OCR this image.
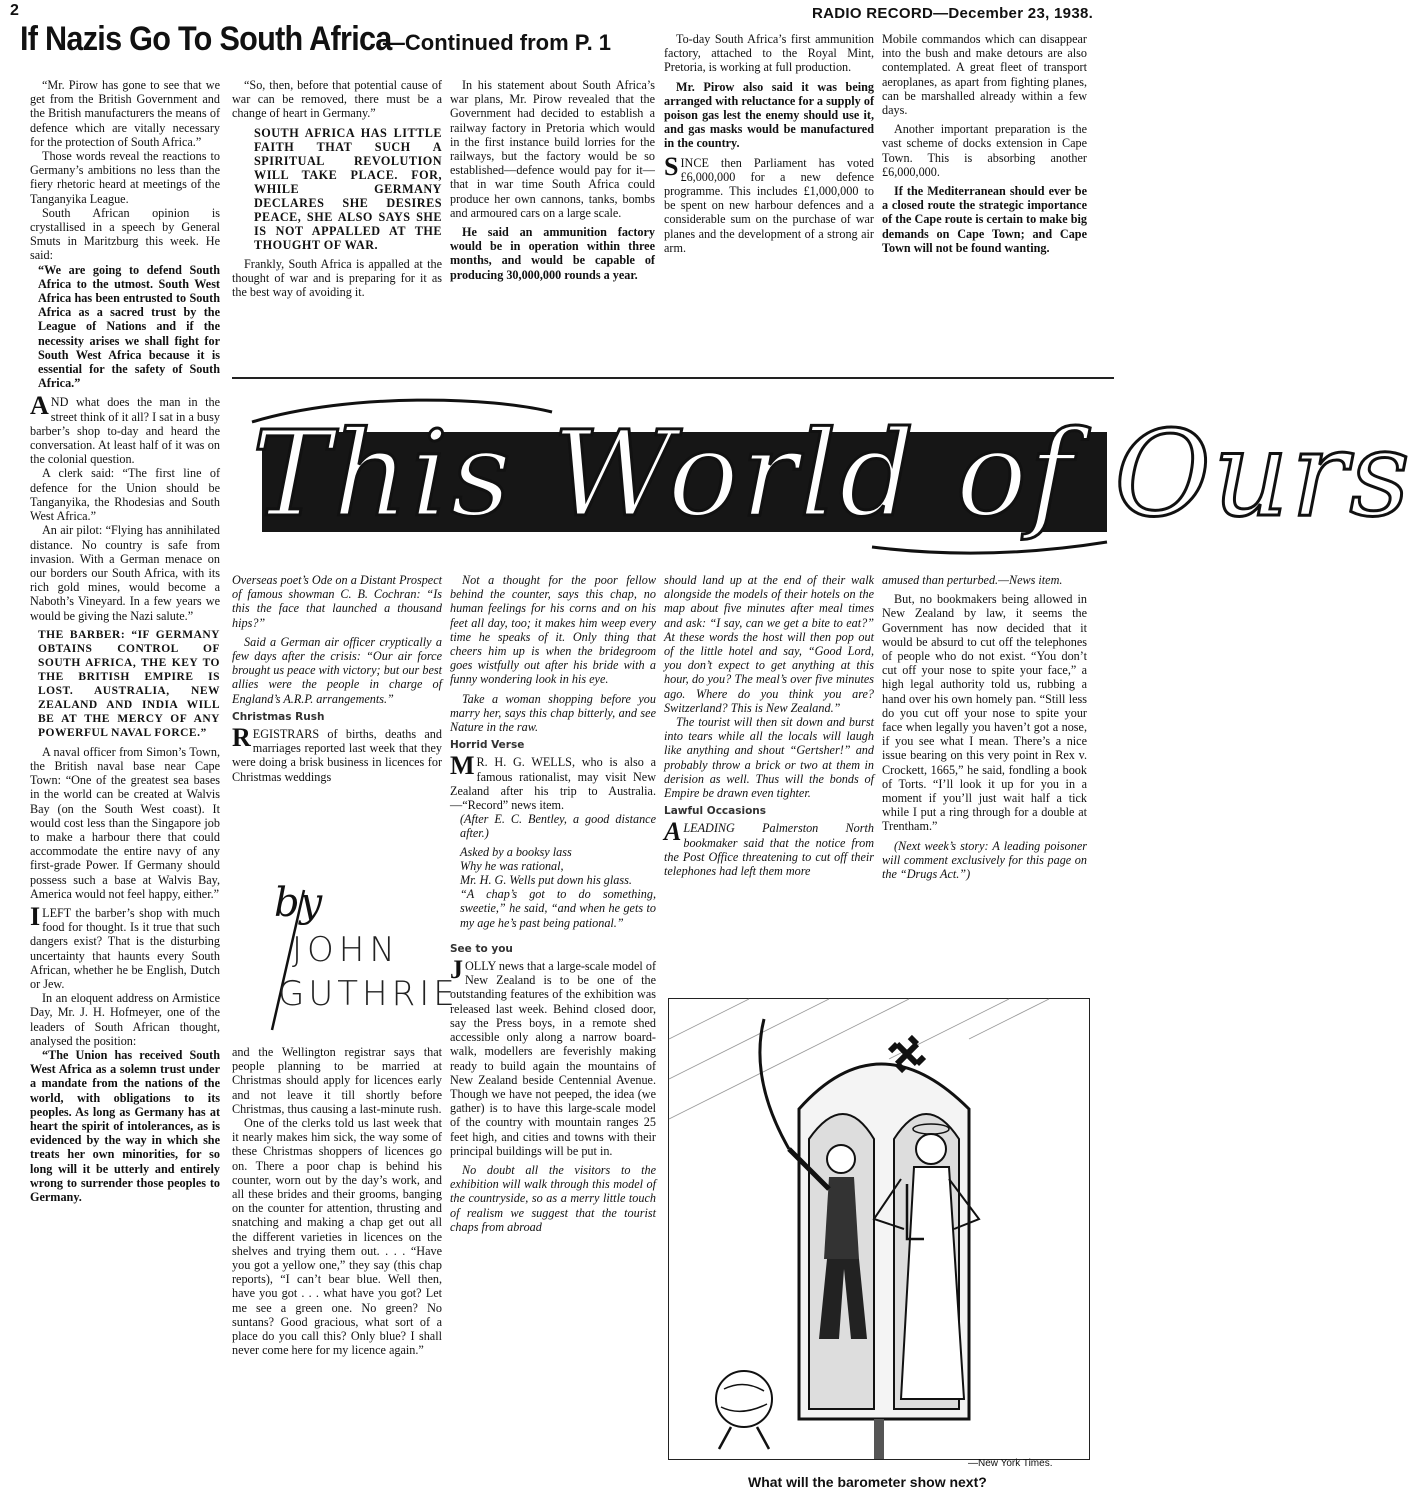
2	RADIO RECORD—December 23, 1938.
If Nazis Go To South Africa—Continued from P. 1

“Mr. Pirow has gone to see that we get from the British Government and the British manufacturers the means of defence which are vitally necessary for the protection of South Africa.”

Those words reveal the reactions to Germany’s ambitions no less than the fiery rhetoric heard at meetings of the Tanganyika League.

South African opinion is crystallised in a speech by General Smuts in Maritzburg this week. He said:

“We are going to defend South Africa to the utmost. South West Africa has been entrusted to South Africa as a sacred trust by the League of Nations and if the necessity arises we shall fight for South West Africa because it is essential for the safety of South Africa.”

AND what does the man in the street think of it all? I sat in a busy barber’s shop to-day and heard the conversation. At least half of it was on the colonial question.

A clerk said: “The first line of defence for the Union should be Tanganyika, the Rhodesias and South West Africa.”

An air pilot: “Flying has annihilated distance. No country is safe from invasion. With a German menace on our borders our South Africa, with its rich gold mines, would become a Naboth’s Vineyard. In a few years we would be giving the Nazi salute.”

THE BARBER: “IF GERMANY OBTAINS CONTROL OF SOUTH AFRICA, THE KEY TO THE BRITISH EMPIRE IS LOST. AUSTRALIA, NEW ZEALAND AND INDIA WILL BE AT THE MERCY OF ANY POWERFUL NAVAL FORCE.”

A naval officer from Simon’s Town, the British naval base near Cape Town: “One of the greatest sea bases in the world can be created at Walvis Bay (on the South West coast). It would cost less than the Singapore job to make a harbour there that could accommodate the entire navy of any first-grade Power. If Germany should possess such a base at Walvis Bay, America would not feel happy, either.”

ILEFT the barber’s shop with much food for thought. Is it true that such dangers exist? That is the disturbing uncertainty that haunts every South African, whether he be English, Dutch or Jew.

In an eloquent address on Armistice Day, Mr. J. H. Hofmeyer, one of the leaders of South African thought, analysed the position:

“The Union has received South West Africa as a solemn trust under a mandate from the nations of the world, with obligations to its peoples. As long as Germany has at heart the spirit of intolerances, as is evidenced by the way in which she treats her own minorities, for so long will it be utterly and entirely wrong to surrender those peoples to Germany.

“So, then, before that potential cause of war can be removed, there must be a change of heart in Germany.”

SOUTH AFRICA HAS LITTLE FAITH THAT SUCH A SPIRITUAL REVOLUTION WILL TAKE PLACE. FOR, WHILE GERMANY DECLARES SHE DESIRES PEACE, SHE ALSO SAYS SHE IS NOT APPALLED AT THE THOUGHT OF WAR.

Frankly, South Africa is appalled at the thought of war and is preparing for it as the best way of avoiding it.

In his statement about South Africa’s war plans, Mr. Pirow revealed that the Government had decided to establish a railway factory in Pretoria which would in the first instance build lorries for the railways, but the factory would be so established—defence would pay for it—that in war time South Africa could produce her own cannons, tanks, bombs and armoured cars on a large scale.

He said an ammunition factory would be in operation within three months, and would be capable of producing 30,000,000 rounds a year.

To-day South Africa’s first ammunition factory, attached to the Royal Mint, Pretoria, is working at full production.

Mr. Pirow also said it was being arranged with reluctance for a supply of poison gas lest the enemy should use it, and gas masks would be manufactured in the country.

SINCE then Parliament has voted £6,000,000 for a new defence programme. This includes £1,000,000 to be spent on new harbour defences and a considerable sum on the purchase of war planes and the development of a strong air arm.

Mobile commandos which can disappear into the bush and make detours are also contemplated. A great fleet of transport aeroplanes, as apart from fighting planes, can be marshalled already within a few days.

Another important preparation is the vast scheme of docks extension in Cape Town. This is absorbing another £6,000,000.

If the Mediterranean should ever be a closed route the strategic importance of the Cape route is certain to make big demands on Cape Town; and Cape Town will not be found wanting.

This World of Ours

Overseas poet’s Ode on a Distant Prospect of famous showman C. B. Cochran: “Is this the face that launched a thousand hips?”

Said a German air officer cryptically a few days after the crisis: “Our air force brought us peace with victory; but our best allies were the people in charge of England’s A.R.P. arrangements.”

Christmas Rush

REGISTRARS of births, deaths and marriages reported last week that they were doing a brisk business in licences for Christmas weddings

by
JOHN
GUTHRIE

and the Wellington registrar says that people planning to be married at Christmas should apply for licences early and not leave it till shortly before Christmas, thus causing a last-minute rush.

One of the clerks told us last week that it nearly makes him sick, the way some of these Christmas shoppers of licences go on. There a poor chap is behind his counter, worn out by the day’s work, and all these brides and their grooms, banging on the counter for attention, thrusting and snatching and making a chap get out all the different varieties in licences on the shelves and trying them out. . . . “Have you got a yellow one,” they say (this chap reports), “I can’t bear blue. Well then, have you got . . . what have you got? Let me see a green one. No green? No suntans? Good gracious, what sort of a place do you call this? Only blue? I shall never come here for my licence again.”

Not a thought for the poor fellow behind the counter, says this chap, no human feelings for his corns and on his feet all day, too; it makes him weep every time he speaks of it. Only thing that cheers him up is when the bridegroom goes wistfully out after his bride with a funny wondering look in his eye.

Take a woman shopping before you marry her, says this chap bitterly, and see Nature in the raw.

Horrid Verse

MR. H. G. WELLS, who is also a famous rationalist, may visit New Zealand after his trip to Australia.—“Record” news item.

(After E. C. Bentley, a good distance after.)

Asked by a booksy lass

Why he was rational,

Mr. H. G. Wells put down his glass.

“A chap’s got to do something, sweetie,” he said, “and when he gets to my age he’s past being pational.”

See to you

JOLLY news that a large-scale model of New Zealand is to be one of the outstanding features of the exhibition was released last week. Behind closed door, say the Press boys, in a remote shed accessible only along a narrow board-walk, modellers are feverishly making ready to build again the mountains of New Zealand beside Centennial Avenue. Though we have not peeped, the idea (we gather) is to have this large-scale model of the country with mountain ranges 25 feet high, and cities and towns with their principal buildings will be put in.

No doubt all the visitors to the exhibition will walk through this model of the countryside, so as a merry little touch of realism we suggest that the tourist chaps from abroad

should land up at the end of their walk alongside the models of their hotels on the map about five minutes after meal times and ask: “I say, can we get a bite to eat?” At these words the host will then pop out of the little hotel and say, “Good Lord, you don’t expect to get anything at this hour, do you? The meal’s over five minutes ago. Where do you think you are? Switzerland? This is New Zealand.”

The tourist will then sit down and burst into tears while all the locals will laugh like anything and shout “Gertsher!” and probably throw a brick or two at them in derision as well. Thus will the bonds of Empire be drawn even tighter.

Lawful Occasions

ALEADING Palmerston North bookmaker said that the notice from the Post Office threatening to cut off their telephones had left them more

amused than perturbed.—News item.

But, no bookmakers being allowed in New Zealand by law, it seems the Government has now decided that it would be absurd to cut off the telephones of people who do not exist. “You don’t cut off your nose to spite your face,” a high legal authority told us, rubbing a hand over his own homely pan. “Still less do you cut off your nose to spite your face when legally you haven’t got a nose, if you see what I mean. There’s a nice issue bearing on this very point in Rex v. Crockett, 1665,” he said, fondling a book of Torts. “I’ll look it up for you in a moment if you’ll just wait half a tick while I put a ring through for a double at Trentham.”

(Next week’s story: A leading poisoner will comment exclusively for this page on the “Drugs Act.”)

—New York Times.
What will the barometer show next?
